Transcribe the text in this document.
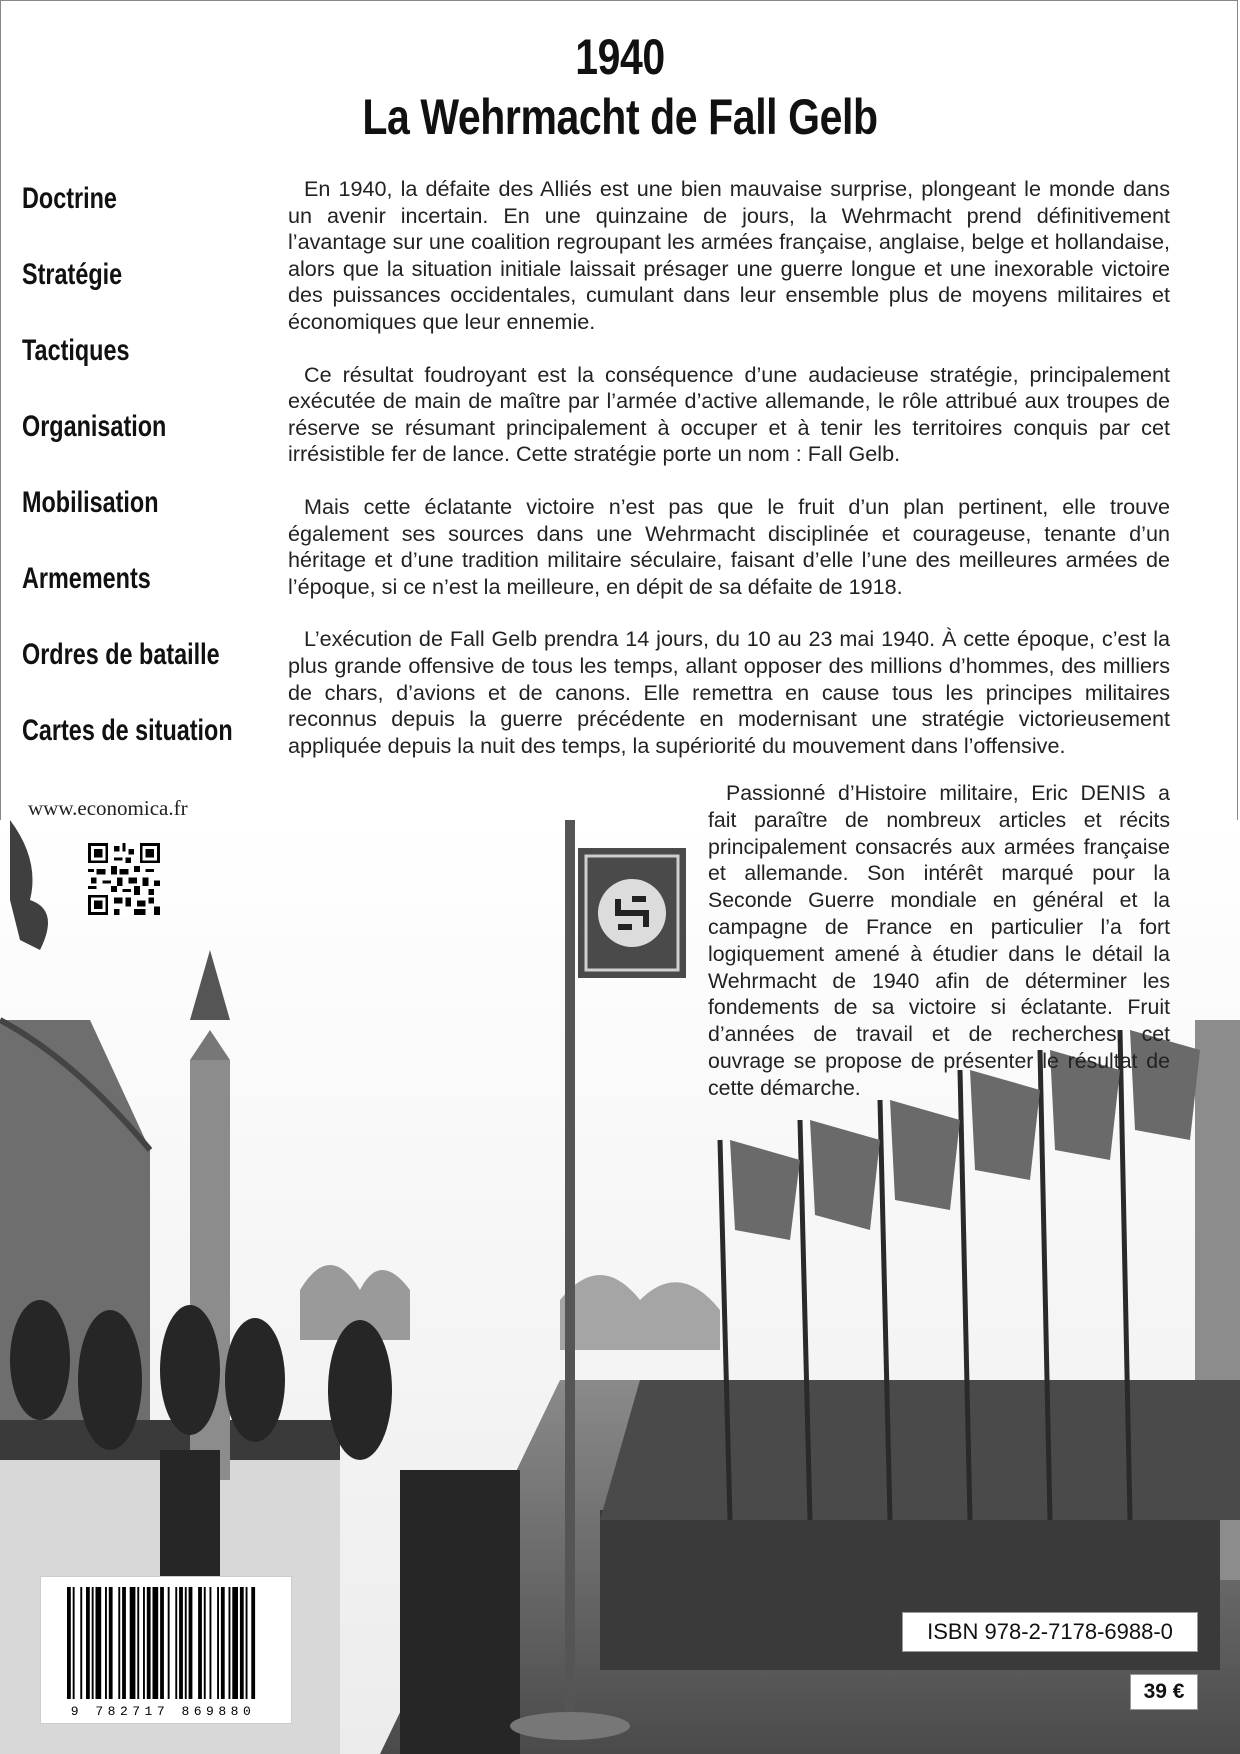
1940
La Wehrmacht de Fall Gelb
Doctrine
Stratégie
Tactiques
Organisation
Mobilisation
Armements
Ordres de bataille
Cartes de situation

En 1940, la défaite des Alliés est une bien mauvaise surprise, plongeant le monde dans un avenir incertain. En une quinzaine de jours, la Wehrmacht prend définitivement l’avantage sur une coalition regroupant les armées française, anglaise, belge et hollandaise, alors que la situation initiale laissait présager une guerre longue et une inexorable victoire des puissances occidentales, cumulant dans leur ensemble plus de moyens militaires et économiques que leur ennemie.

Ce résultat foudroyant est la conséquence d’une audacieuse stratégie, principalement exécutée de main de maître par l’armée d’active allemande, le rôle attribué aux troupes de réserve se résumant principalement à occuper et à tenir les territoires conquis par cet irrésistible fer de lance. Cette stratégie porte un nom : Fall Gelb.

Mais cette éclatante victoire n’est pas que le fruit d’un plan pertinent, elle trouve également ses sources dans une Wehrmacht disciplinée et courageuse, tenante d’un héritage et d’une tradition militaire séculaire, faisant d’elle l’une des meilleures armées de l’époque, si ce n’est la meilleure, en dépit de sa défaite de 1918.

L’exécution de Fall Gelb prendra 14 jours, du 10 au 23 mai 1940. À cette époque, c’est la plus grande offensive de tous les temps, allant opposer des millions d’hommes, des milliers de chars, d’avions et de canons. Elle remettra en cause tous les principes militaires reconnus depuis la guerre précédente en modernisant une stratégie victorieusement appliquée depuis la nuit des temps, la supériorité du mouvement dans l’offensive.

Passionné d’Histoire militaire, Eric DENIS a fait paraître de nombreux articles et récits principalement consacrés aux armées française et allemande. Son intérêt marqué pour la Seconde Guerre mondiale en général et la campagne de France en particulier l’a fort logiquement amené à étudier dans le détail la Wehrmacht de 1940 afin de déterminer les fondements de sa victoire si éclatante. Fruit d’années de travail et de recherches, cet ouvrage se propose de présenter le résultat de cette démarche.

www.economica.fr
9 782717 869880
ISBN 978-2-7178-6988-0
39 €
